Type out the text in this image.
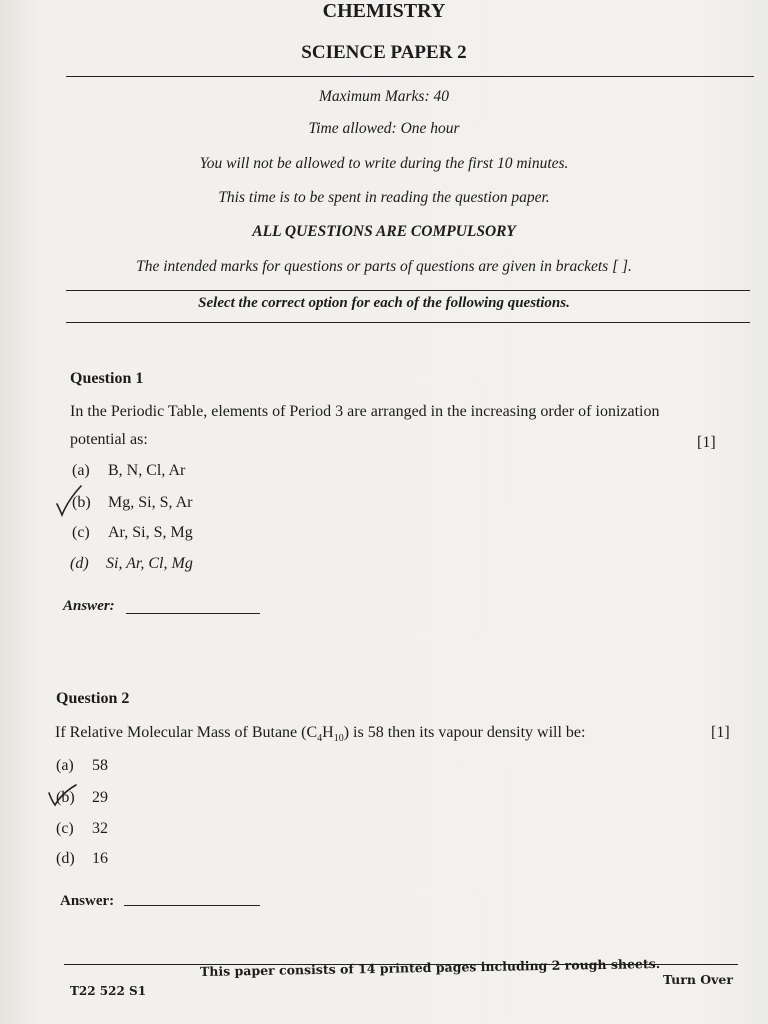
CHEMISTRY
SCIENCE PAPER 2
Maximum Marks: 40
Time allowed: One hour
You will not be allowed to write during the first 10 minutes.
This time is to be spent in reading the question paper.
ALL QUESTIONS ARE COMPULSORY
The intended marks for questions or parts of questions are given in brackets [ ].
Select the correct option for each of the following questions.
Question 1
In the Periodic Table, elements of Period 3 are arranged in the increasing order of ionization
potential as:	[1]
(a) B, N, Cl, Ar
(b) Mg, Si, S, Ar
(c) Ar, Si, S, Mg
(d) Si, Ar, Cl, Mg
Answer:
Question 2
If Relative Molecular Mass of Butane $(C_4H_{10})$ is 58 then its vapour density will be:	[1]
(a) 58
(b) 29
(c) 32
(d) 16
Answer:
This paper consists of 14 printed pages including 2 rough sheets.
T22 522 S1
Turn Over
